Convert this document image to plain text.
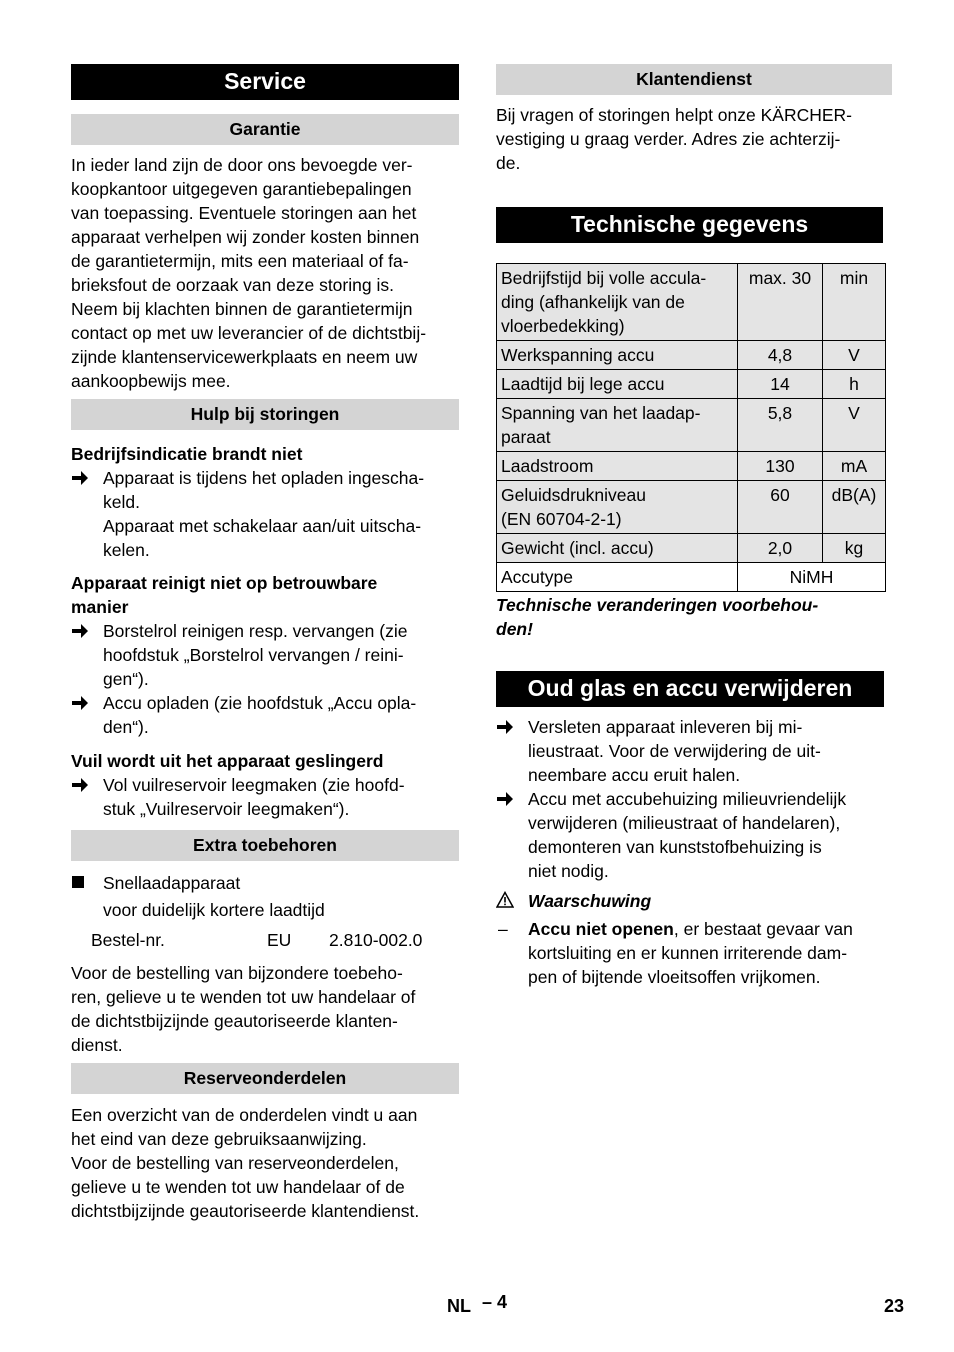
Service
Garantie

In ieder land zijn de door ons bevoegde ver-

koopkantoor uitgegeven garantiebepalingen

van toepassing. Eventuele storingen aan het

apparaat verhelpen wij zonder kosten binnen

de garantietermijn, mits een materiaal of fa-

brieksfout de oorzaak van deze storing is.

Neem bij klachten binnen de garantietermijn

contact op met uw leverancier of de dichtstbij-

zijnde klantenservicewerkplaats en neem uw

aankoopbewijs mee.

Hulp bij storingen
Bedrijfsindicatie brandt niet

Apparaat is tijdens het opladen ingescha-

keld.

Apparaat met schakelaar aan/uit uitscha-

kelen.

Apparaat reinigt niet op betrouwbare
manier

Borstelrol reinigen resp. vervangen (zie

hoofdstuk „Borstelrol vervangen / reini-

gen“).

Accu opladen (zie hoofdstuk „Accu opla-

den“).

Vuil wordt uit het apparaat geslingerd

Vol vuilreservoir leegmaken (zie hoofd-

stuk „Vuilreservoir leegmaken“).

Extra toebehoren

Snellaadapparaat

voor duidelijk kortere laadtijd

Bestel-nr.	EU 2.810-002.0

Voor de bestelling van bijzondere toebeho-

ren, gelieve u te wenden tot uw handelaar of

de dichtstbijzijnde geautoriseerde klanten-

dienst.

Reserveonderdelen

Een overzicht van de onderdelen vindt u aan

het eind van deze gebruiksaanwijzing.

Voor de bestelling van reserveonderdelen,

gelieve u te wenden tot uw handelaar of de

dichtstbijzijnde geautoriseerde klantendienst.

Klantendienst

Bij vragen of storingen helpt onze KÄRCHER-

vestiging u graag verder. Adres zie achterzij-

de.

Technische gegevens
Bedrijfstijd bij volle accula-
ding (afhankelijk van de
vloerbedekking)	max. 30	min

Werkspanning accu	4,8	V

Laadtijd bij lege accu	14	h

Spanning van het laadap-
paraat	5,8	V

Laadstroom	130	mA

Geluidsdrukniveau
(EN 60704-2-1)	60	dB(A)

Gewicht (incl. accu)	2,0	kg
Accutype	NiMH	
Technische veranderingen voorbehou-
den!
Oud glas en accu verwijderen

Versleten apparaat inleveren bij mi-

lieustraat. Voor de verwijdering de uit-

neembare accu eruit halen.

Accu met accubehuizing milieuvriendelijk

verwijderen (milieustraat of handelaren),

demonteren van kunststofbehuizing is

niet nodig.

Waarschuwing

– Accu niet openen, er bestaat gevaar van

kortsluiting en er kunnen irriterende dam-

pen of bijtende vloeitsoffen vrijkomen.

NL – 4	23
